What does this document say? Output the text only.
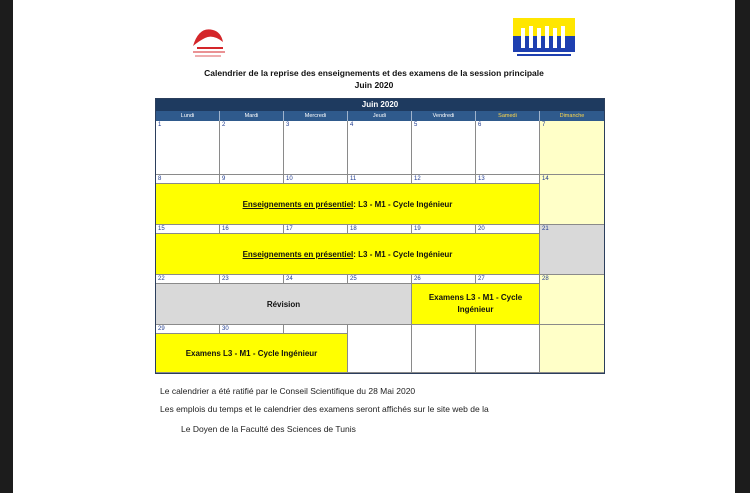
Calendrier de la reprise des enseignements et des examens de la session principale
Juin 2020
Juin 2020
Lundi	Mardi	Mercredi	Jeudi	Vendredi	Samedi	Dimanche
1	2	3	4	5	6	7
8	9	10	11	12	13	14
Enseignements en présentiel: L3 - M1 - Cycle Ingénieur
15	16	17	18	19	20	21
Enseignements en présentiel: L3 - M1 - Cycle Ingénieur
22	23	24	25	26	27	28
Révision
Examens L3 - M1 - Cycle
Ingénieur
29	30
Examens L3 - M1 - Cycle Ingénieur
Le calendrier a été ratifié par le Conseil Scientifique du 28 Mai 2020
Les emplois du temps et le calendrier des examens seront affichés sur le site web de la
Le Doyen de la Faculté des Sciences de Tunis
